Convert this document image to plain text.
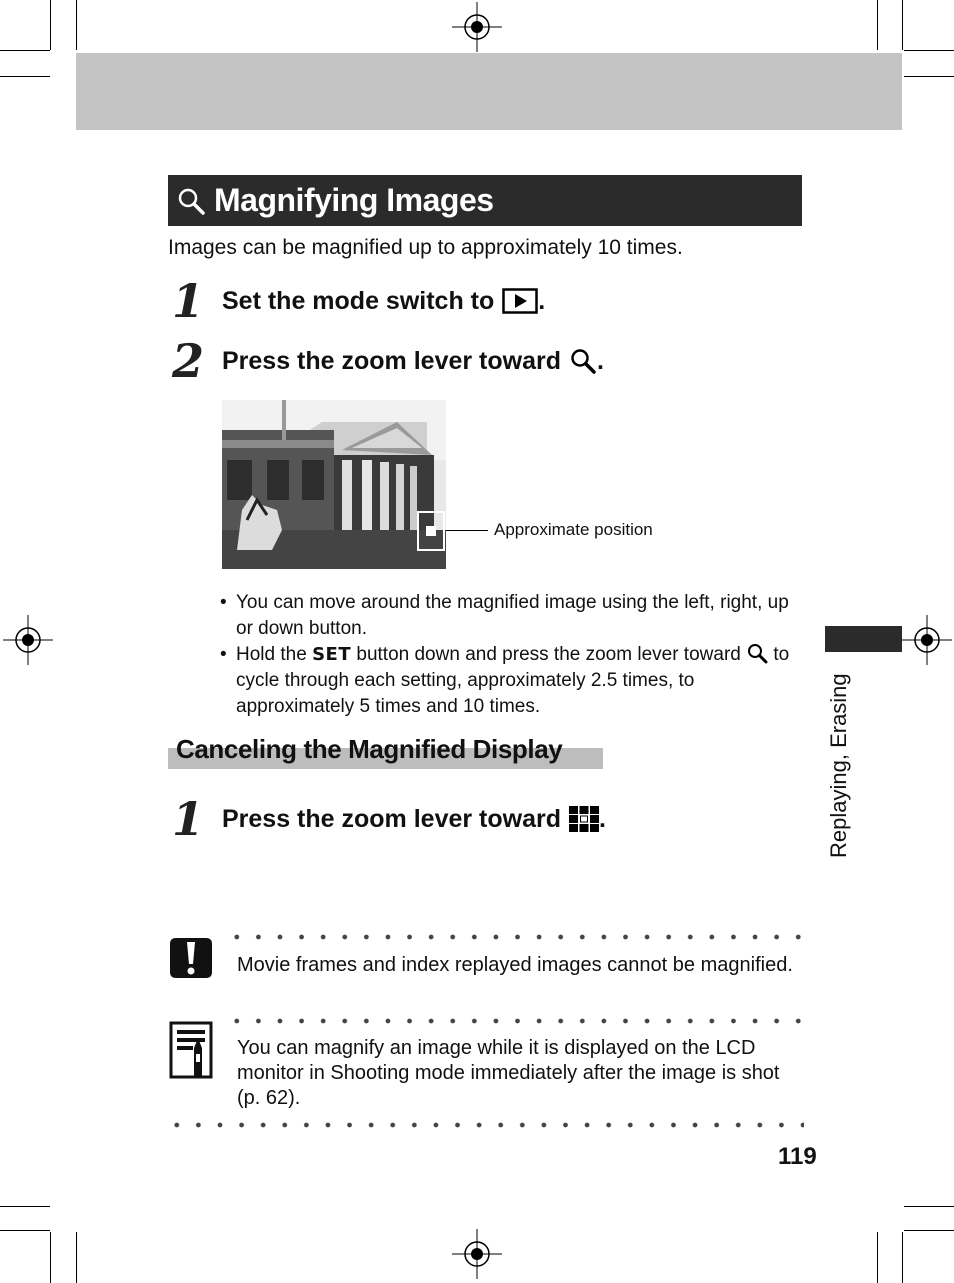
Magnifying Images
Images can be magnified up to approximately 10 times.
1 Set the mode switch to .
2 Press the zoom lever toward .
Approximate position
• You can move around the magnified image using the left, right, up or down button.
• Hold the SET button down and press the zoom lever toward to cycle through each setting, approximately 2.5 times, to approximately 5 times and 10 times.
Canceling the Magnified Display
1 Press the zoom lever toward .
Movie frames and index replayed images cannot be magnified.
You can magnify an image while it is displayed on the LCD monitor in Shooting mode immediately after the image is shot (p. 62).
Replaying, Erasing
119
